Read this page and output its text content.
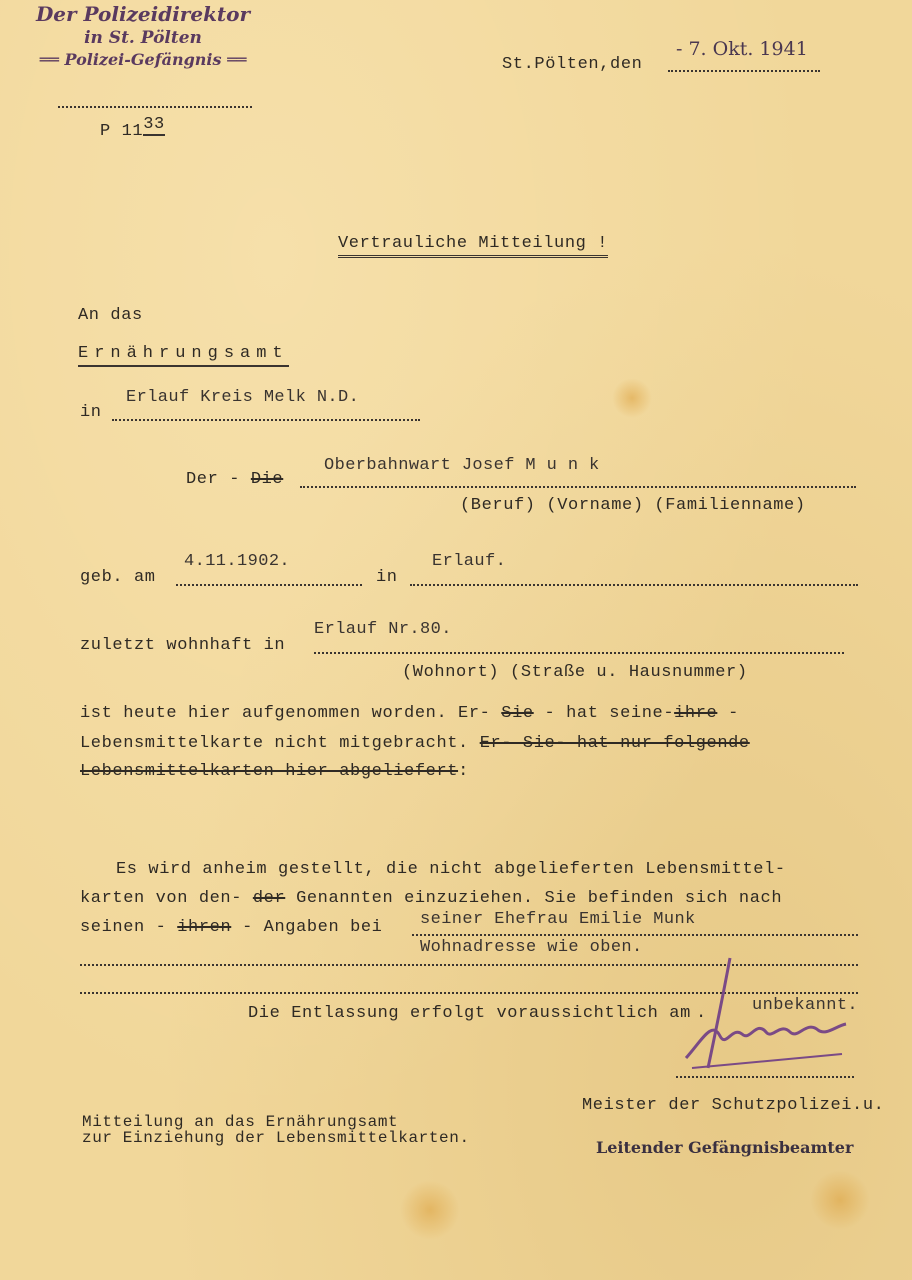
Der Polizeidirektor
in St. Pölten
══ Polizei-Gefängnis ══
P 1133
St.Pölten,den
- 7. Okt. 1941
Vertrauliche Mitteilung !
An das
Ernährungsamt
in
Erlauf Kreis Melk N.D.
Der - Die
Oberbahnwart Josef M u n k
(Beruf) (Vorname) (Familienname)
geb. am
4.11.1902.
in
Erlauf.
zuletzt wohnhaft in
Erlauf Nr.80.
(Wohnort) (Straße u. Hausnummer)
ist heute hier aufgenommen worden. Er- Sie - hat seine-ihre -
Lebensmittelkarte nicht mitgebracht. Er- Sie- hat nur folgende
Lebensmittelkarten hier abgeliefert:
Es wird anheim gestellt, die nicht abgelieferten Lebensmittel-
karten von den- der Genannten einzuziehen. Sie befinden sich nach
seinen - ihren - Angaben bei seiner Ehefrau Emilie Munk
Wohnadresse wie oben.
Die Entlassung erfolgt voraussichtlich am .	unbekannt.
Meister der Schutzpolizei.u.
Leitender Gefängnisbeamter
Mitteilung an das Ernährungsamt
zur Einziehung der Lebensmittelkarten.
